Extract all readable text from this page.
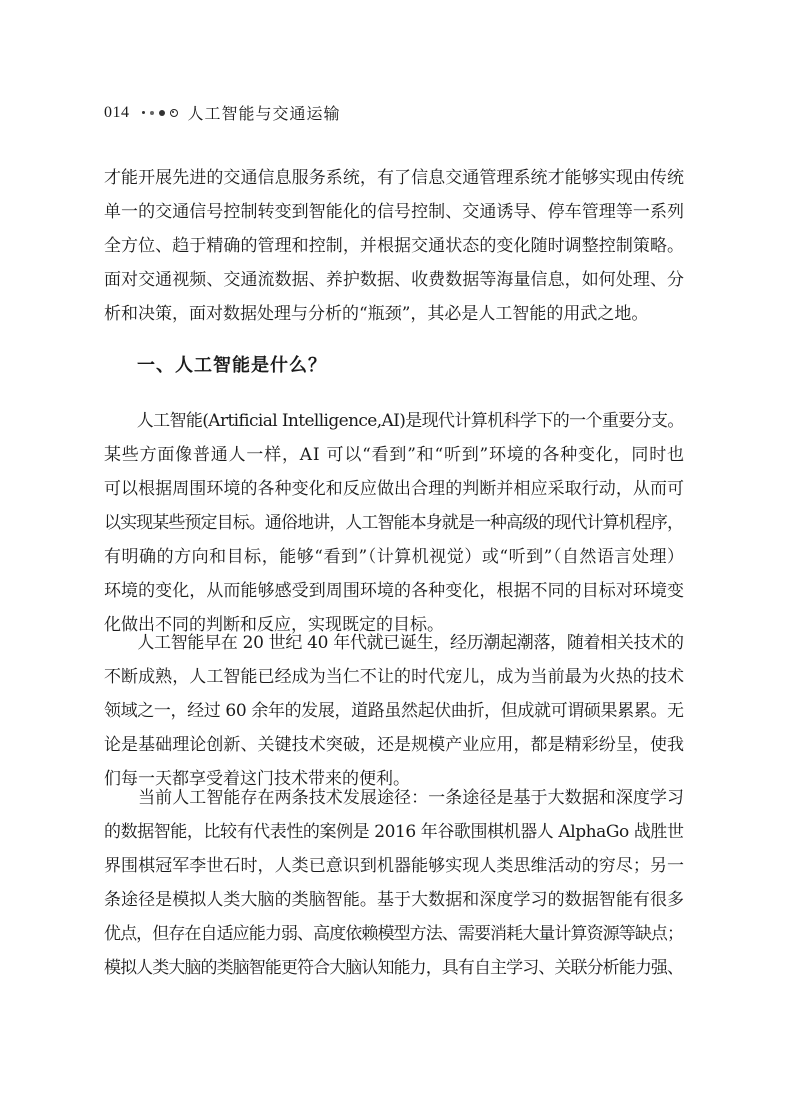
014	人工智能与交通运输
才能开展先进的交通信息服务系统，有了信息交通管理系统才能够实现由传统
单一的交通信号控制转变到智能化的信号控制、交通诱导、停车管理等一系列
全方位、趋于精确的管理和控制，并根据交通状态的变化随时调整控制策略。
面对交通视频、交通流数据、养护数据、收费数据等海量信息，如何处理、分
析和决策，面对数据处理与分析的“瓶颈”，其必是人工智能的用武之地。
一、人工智能是什么？
　　人工智能(Artificial Intelligence,AI)是现代计算机科学下的一个重要分支。
某些方面像普通人一样，AI 可以“看到”和“听到”环境的各种变化，同时也
可以根据周围环境的各种变化和反应做出合理的判断并相应采取行动，从而可
以实现某些预定目标。通俗地讲，人工智能本身就是一种高级的现代计算机程序，
有明确的方向和目标，能够“看到”（计算机视觉）或“听到”（自然语言处理）
环境的变化，从而能够感受到周围环境的各种变化，根据不同的目标对环境变
化做出不同的判断和反应，实现既定的目标。
　　人工智能早在 20 世纪 40 年代就已诞生，经历潮起潮落，随着相关技术的
不断成熟，人工智能已经成为当仁不让的时代宠儿，成为当前最为火热的技术
领域之一，经过 60 余年的发展，道路虽然起伏曲折，但成就可谓硕果累累。无
论是基础理论创新、关键技术突破，还是规模产业应用，都是精彩纷呈，使我
们每一天都享受着这门技术带来的便利。
　　当前人工智能存在两条技术发展途径：一条途径是基于大数据和深度学习
的数据智能，比较有代表性的案例是 2016 年谷歌围棋机器人 AlphaGo 战胜世
界围棋冠军李世石时，人类已意识到机器能够实现人类思维活动的穷尽；另一
条途径是模拟人类大脑的类脑智能。基于大数据和深度学习的数据智能有很多
优点，但存在自适应能力弱、高度依赖模型方法、需要消耗大量计算资源等缺点；
模拟人类大脑的类脑智能更符合大脑认知能力，具有自主学习、关联分析能力强、
